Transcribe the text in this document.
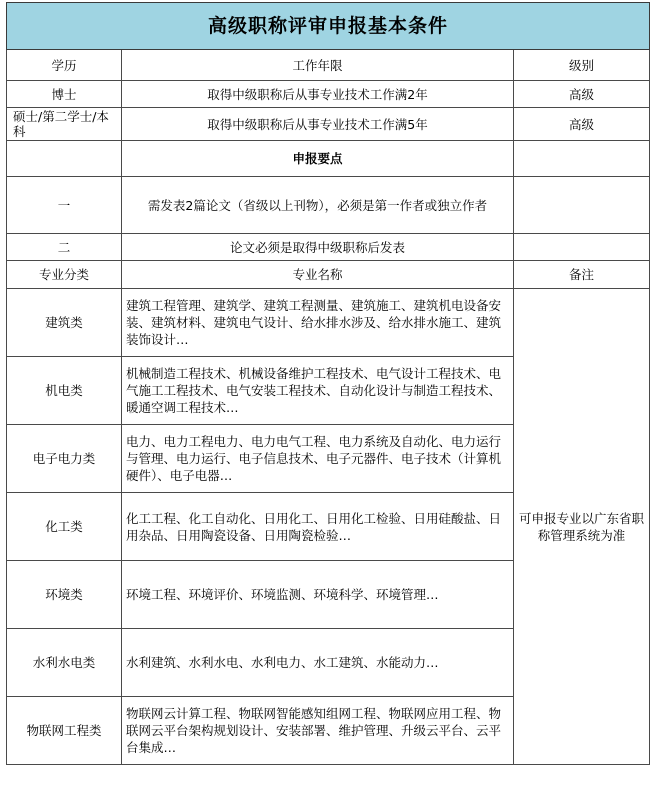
高级职称评审申报基本条件		
学历	工作年限	级别
博士	取得中级职称后从事专业技术工作满2年	高级
硕士/第二学士/本科	取得中级职称后从事专业技术工作满5年	高级
	申报要点	
一	需发表2篇论文（省级以上刊物），必须是第一作者或独立作者	
二	论文必须是取得中级职称后发表	
专业分类	专业名称	备注
建筑类	建筑工程管理、建筑学、建筑工程测量、建筑施工、建筑机电设备安装、建筑材料、建筑电气设计、给水排水涉及、给水排水施工、建筑装饰设计…	可申报专业以广东省职称管理系统为准
机电类	机械制造工程技术、机械设备维护工程技术、电气设计工程技术、电气施工工程技术、电气安装工程技术、自动化设计与制造工程技术、暖通空调工程技术…	
电子电力类	电力、电力工程电力、电力电气工程、电力系统及自动化、电力运行与管理、电力运行、电子信息技术、电子元器件、电子技术（计算机硬件）、电子电器…	
化工类	化工工程、化工自动化、日用化工、日用化工检验、日用硅酸盐、日用杂品、日用陶瓷设备、日用陶瓷检验…	
环境类	环境工程、环境评价、环境监测、环境科学、环境管理…	
水利水电类	水利建筑、水利水电、水利电力、水工建筑、水能动力…	
物联网工程类	物联网云计算工程、物联网智能感知组网工程、物联网应用工程、物联网云平台架构规划设计、安装部署、维护管理、升级云平台、云平台集成…	
